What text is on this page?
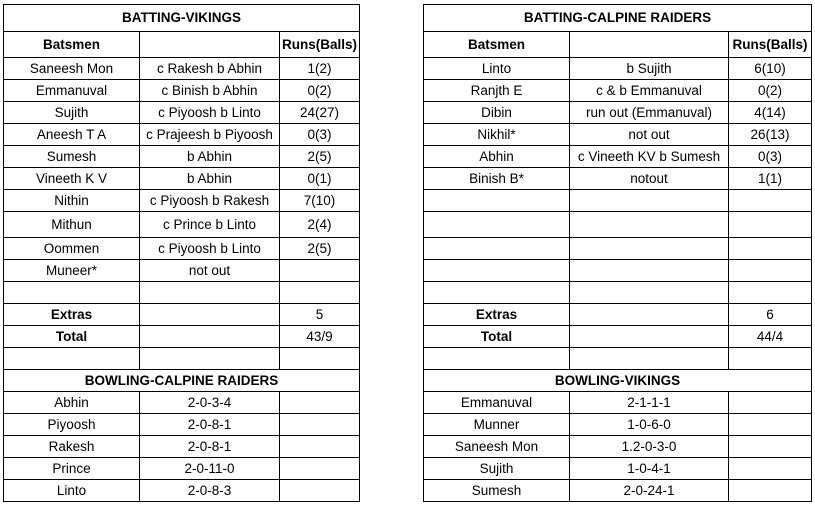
BATTING-VIKINGS		
Batsmen		Runs(Balls)
Saneesh Mon	c Rakesh b Abhin	1(2)
Emmanuval	c Binish b Abhin	0(2)
Sujith	c Piyoosh b Linto	24(27)
Aneesh T A	c Prajeesh b Piyoosh	0(3)
Sumesh	b Abhin	2(5)
Vineeth K V	b Abhin	0(1)
Nithin	c Piyoosh b Rakesh	7(10)
Mithun	c Prince b Linto	2(4)
Oommen	c Piyoosh b Linto	2(5)
Muneer*	not out	

Extras		5
Total		43/9

BOWLING-CALPINE RAIDERS		
Abhin	2-0-3-4	
Piyoosh	2-0-8-1	
Rakesh	2-0-8-1	
Prince	2-0-11-0	
Linto	2-0-8-3	
BATTING-CALPINE RAIDERS		
Batsmen		Runs(Balls)
Linto	b Sujith	6(10)
Ranjth E	c & b Emmanuval	0(2)
Dibin	run out (Emmanuval)	4(14)
Nikhil*	not out	26(13)
Abhin	c Vineeth KV b Sumesh	0(3)
Binish B*	notout	1(1)

Extras		6
Total		44/4

BOWLING-VIKINGS		
Emmanuval	2-1-1-1	
Munner	1-0-6-0	
Saneesh Mon	1.2-0-3-0	
Sujith	1-0-4-1	
Sumesh	2-0-24-1	
